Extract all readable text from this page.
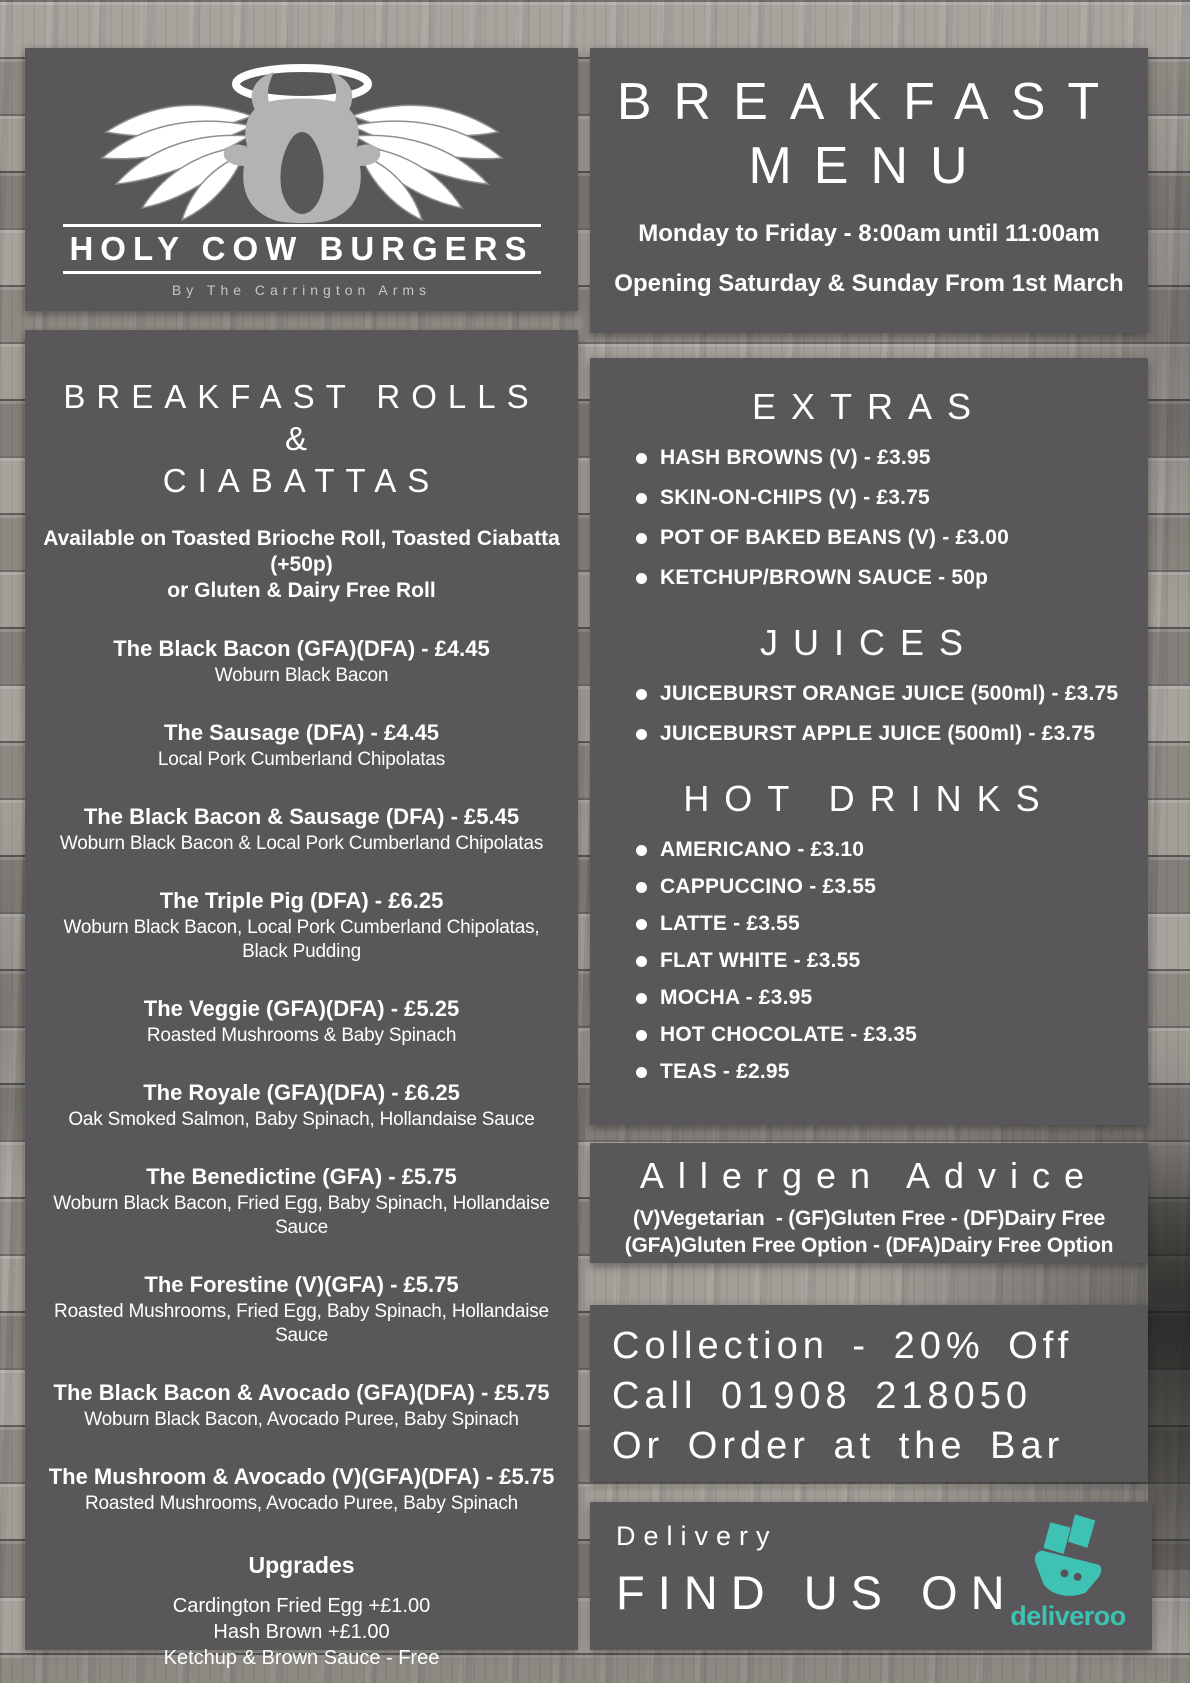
HOLY COW BURGERS
By The Carrington Arms
BREAKFAST
MENU
Monday to Friday - 8:00am until 11:00am
Opening Saturday & Sunday From 1st March
BREAKFAST ROLLS &
CIABATTAS
Available on Toasted Brioche Roll, Toasted Ciabatta (+50p)
or Gluten & Dairy Free Roll
The Black Bacon (GFA)(DFA) - £4.45
Woburn Black Bacon
The Sausage (DFA) - £4.45
Local Pork Cumberland Chipolatas
The Black Bacon & Sausage (DFA) - £5.45
Woburn Black Bacon & Local Pork Cumberland Chipolatas
The Triple Pig (DFA) - £6.25
Woburn Black Bacon, Local Pork Cumberland Chipolatas, Black Pudding
The Veggie (GFA)(DFA) - £5.25
Roasted Mushrooms & Baby Spinach
The Royale (GFA)(DFA) - £6.25
Oak Smoked Salmon, Baby Spinach, Hollandaise Sauce
The Benedictine (GFA) - £5.75
Woburn Black Bacon, Fried Egg, Baby Spinach, Hollandaise Sauce
The Forestine (V)(GFA) - £5.75
Roasted Mushrooms, Fried Egg, Baby Spinach, Hollandaise Sauce
The Black Bacon & Avocado (GFA)(DFA) - £5.75
Woburn Black Bacon, Avocado Puree, Baby Spinach
The Mushroom & Avocado (V)(GFA)(DFA) - £5.75
Roasted Mushrooms, Avocado Puree, Baby Spinach
Upgrades
Cardington Fried Egg +£1.00
Hash Brown +£1.00
Ketchup & Brown Sauce - Free
EXTRAS
HASH BROWNS (V) - £3.95
SKIN-ON-CHIPS (V) - £3.75
POT OF BAKED BEANS (V) - £3.00
KETCHUP/BROWN SAUCE - 50p
JUICES
JUICEBURST ORANGE JUICE (500ml) - £3.75
JUICEBURST APPLE JUICE (500ml) - £3.75
HOT DRINKS
AMERICANO - £3.10
CAPPUCCINO - £3.55
LATTE - £3.55
FLAT WHITE - £3.55
MOCHA - £3.95
HOT CHOCOLATE - £3.35
TEAS - £2.95
Allergen Advice
(V)Vegetarian  - (GF)Gluten Free - (DF)Dairy Free
(GFA)Gluten Free Option - (DFA)Dairy Free Option
Collection - 20% Off
Call 01908 218050
Or Order at the Bar
Delivery
FIND US ON
deliveroo
